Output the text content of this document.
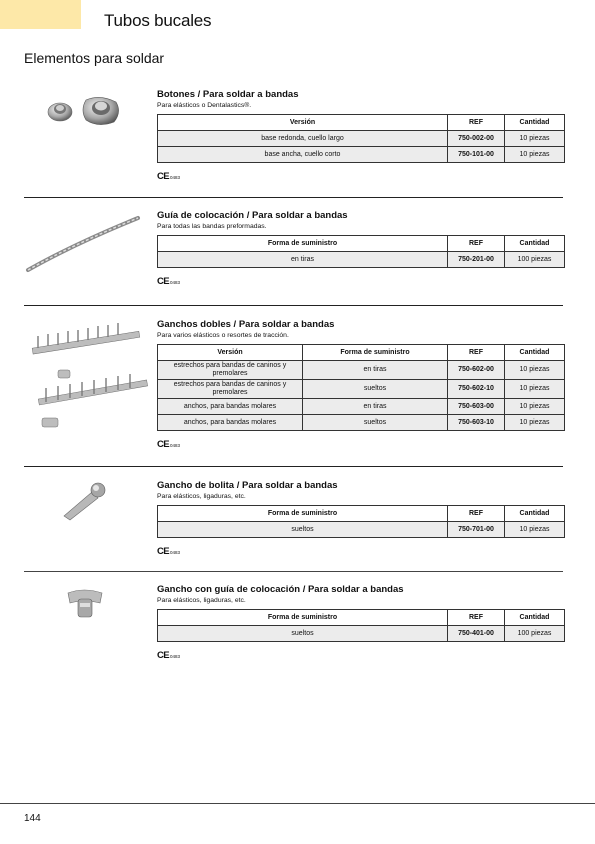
Tubos bucales
Elementos para soldar
Botones / Para soldar a bandas
Para elásticos o Dentalastics®.
Versión	REF	Cantidad
base redonda, cuello largo	750-002-00	10 piezas
base ancha, cuello corto	750-101-00	10 piezas
CE 0483
Guía de colocación / Para soldar a bandas
Para todas las bandas preformadas.
Forma de suministro	REF	Cantidad
en tiras	750-201-00	100 piezas
CE 0483
Ganchos dobles / Para soldar a bandas
Para varios elásticos o resortes de tracción.
Versión	Forma de suministro	REF	Cantidad
estrechos para bandas de caninos y premolares	en tiras	750-602-00	10 piezas
estrechos para bandas de caninos y premolares	sueltos	750-602-10	10 piezas
anchos, para bandas molares	en tiras	750-603-00	10 piezas
anchos, para bandas molares	sueltos	750-603-10	10 piezas
CE 0483
Gancho de bolita / Para soldar a bandas
Para elásticos, ligaduras, etc.
Forma de suministro	REF	Cantidad
sueltos	750-701-00	10 piezas
CE 0483
Gancho con guía de colocación / Para soldar a bandas
Para elásticos, ligaduras, etc.
Forma de suministro	REF	Cantidad
sueltos	750-401-00	100 piezas
CE 0483
144
